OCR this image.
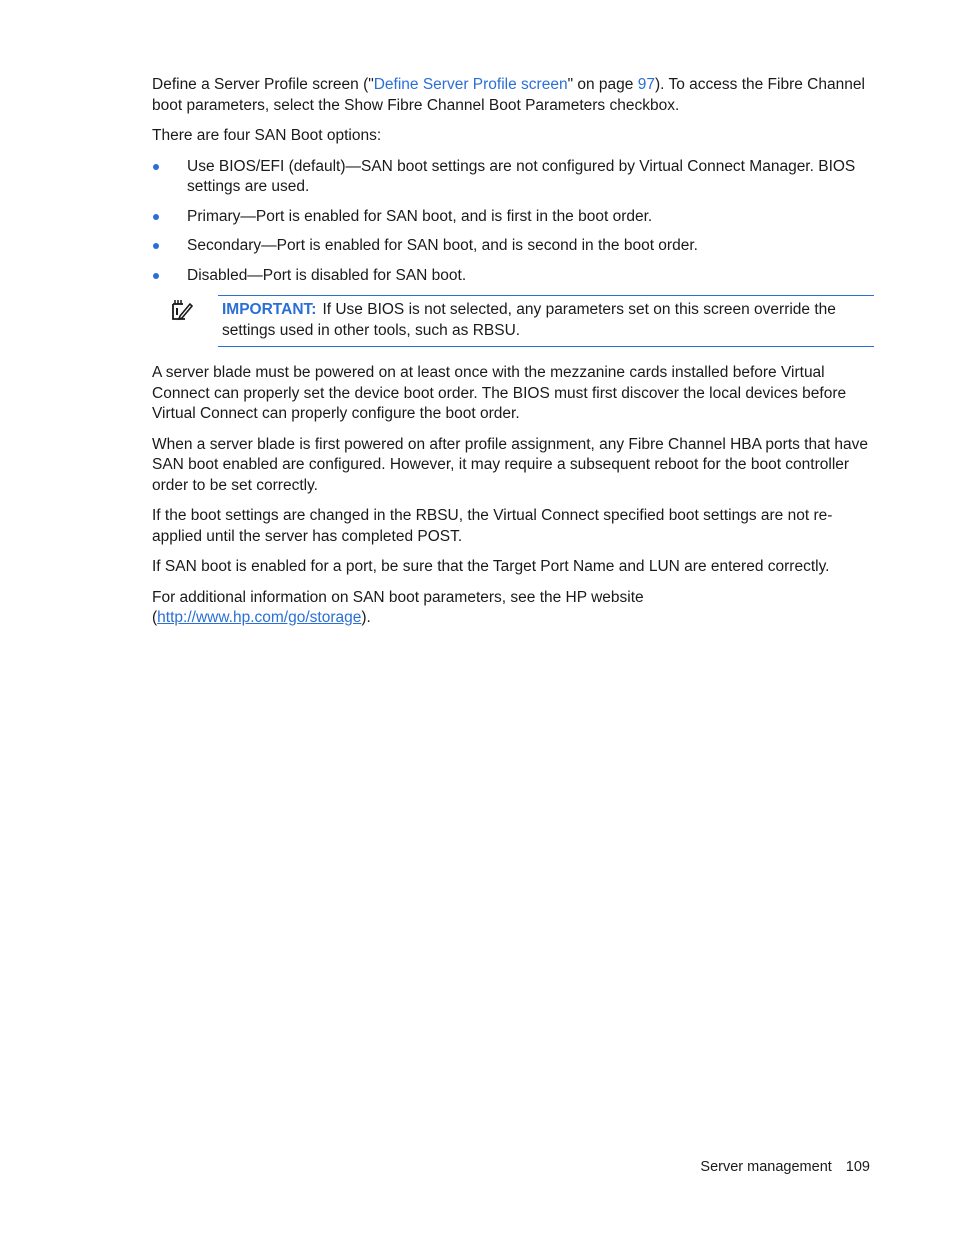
Define a Server Profile screen ("Define Server Profile screen" on page 97). To access the Fibre Channel boot parameters, select the Show Fibre Channel Boot Parameters checkbox.

There are four SAN Boot options:

Use BIOS/EFI (default)—SAN boot settings are not configured by Virtual Connect Manager. BIOS settings are used.
Primary—Port is enabled for SAN boot, and is first in the boot order.
Secondary—Port is enabled for SAN boot, and is second in the boot order.
Disabled—Port is disabled for SAN boot.
IMPORTANT: If Use BIOS is not selected, any parameters set on this screen override the settings used in other tools, such as RBSU.

A server blade must be powered on at least once with the mezzanine cards installed before Virtual Connect can properly set the device boot order. The BIOS must first discover the local devices before Virtual Connect can properly configure the boot order.

When a server blade is first powered on after profile assignment, any Fibre Channel HBA ports that have SAN boot enabled are configured. However, it may require a subsequent reboot for the boot controller order to be set correctly.

If the boot settings are changed in the RBSU, the Virtual Connect specified boot settings are not re-applied until the server has completed POST.

If SAN boot is enabled for a port, be sure that the Target Port Name and LUN are entered correctly.

For additional information on SAN boot parameters, see the HP website
(http://www.hp.com/go/storage).

Server management 109
